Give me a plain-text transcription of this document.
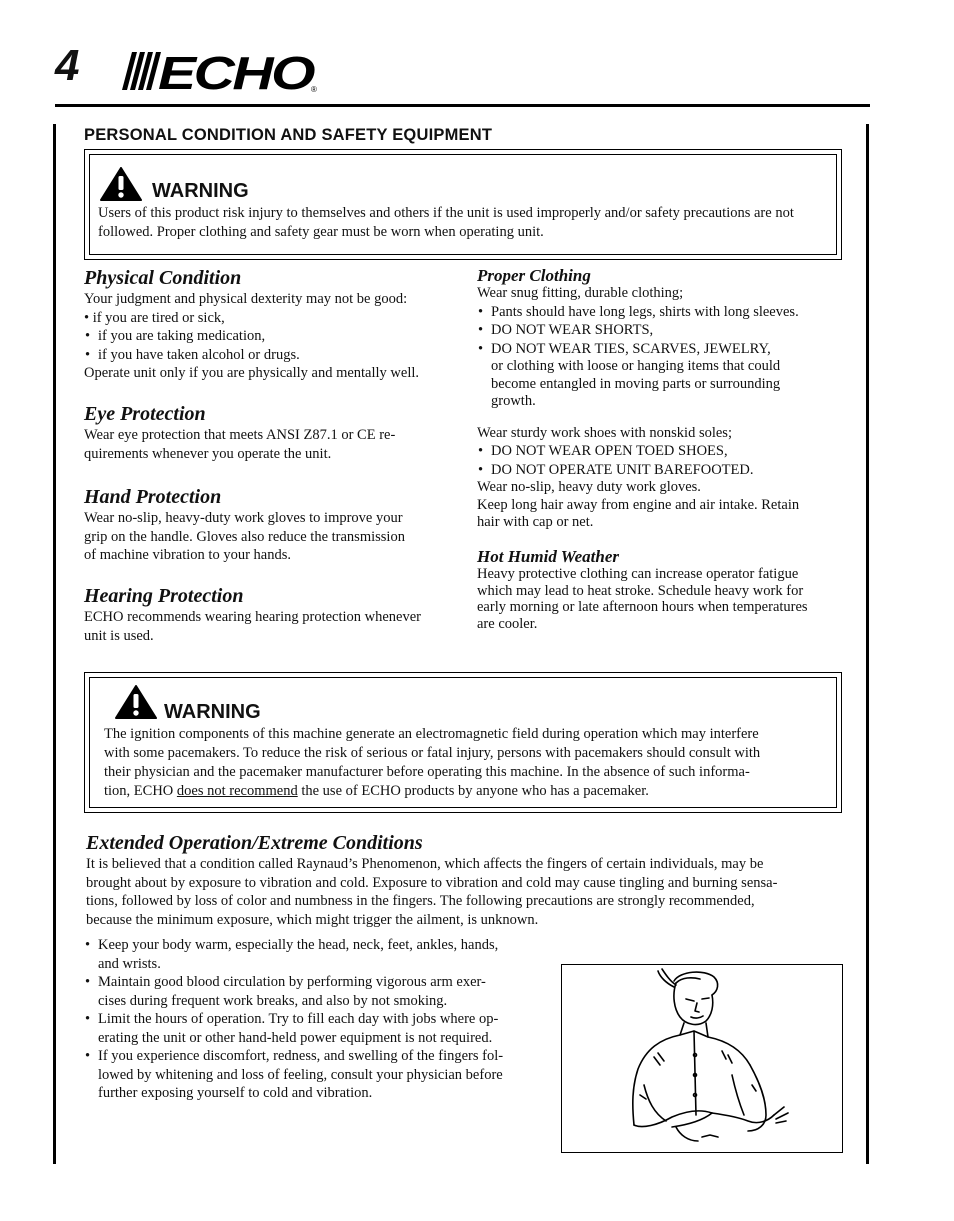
4 ECHO
®
PERSONAL CONDITION AND SAFETY EQUIPMENT
WARNING
Users of this product risk injury to themselves and others if the unit is used improperly and/or safety precautions are not followed. Proper clothing and safety gear must be worn when operating unit.
Physical Condition

Your judgment and physical dexterity may not be good:

• if you are tired or sick,

• if you are taking medication,
• if you have taken alcohol or drugs.

Operate unit only if you are physically and mentally well.

Eye Protection

Wear eye protection that meets ANSI Z87.1 or CE re-

quirements whenever you operate the unit.

Hand Protection

Wear no-slip, heavy-duty work gloves to improve your

grip on the handle. Gloves also reduce the transmission

of machine vibration to your hands.

Hearing Protection

ECHO recommends wearing hearing protection whenever

unit is used.

Proper Clothing

Wear snug fitting, durable clothing;

• Pants should have long legs, shirts with long sleeves.
• DO NOT WEAR SHORTS,
• DO NOT WEAR TIES, SCARVES, JEWELRY,

or clothing with loose or hanging items that could

become entangled in moving parts or surrounding

growth.

Wear sturdy work shoes with nonskid soles;

• DO NOT WEAR OPEN TOED SHOES,
• DO NOT OPERATE UNIT BAREFOOTED.

Wear no-slip, heavy duty work gloves.

Keep long hair away from engine and air intake. Retain

hair with cap or net.

Hot Humid Weather

Heavy protective clothing can increase operator fatigue

which may lead to heat stroke. Schedule heavy work for

early morning or late afternoon hours when temperatures

are cooler.

WARNING
The ignition components of this machine generate an electromagnetic field during operation which may interfere
with some pacemakers. To reduce the risk of serious or fatal injury, persons with pacemakers should consult with
their physician and the pacemaker manufacturer before operating this machine. In the absence of such informa-
tion, ECHO does not recommend the use of ECHO products by anyone who has a pacemaker.
Extended Operation/Extreme Conditions

It is believed that a condition called Raynaud’s Phenomenon, which affects the fingers of certain individuals, may be

brought about by exposure to vibration and cold. Exposure to vibration and cold may cause tingling and burning sensa-

tions, followed by loss of color and numbness in the fingers. The following precautions are strongly recommended,

because the minimum exposure, which might trigger the ailment, is unknown.

• Keep your body warm, especially the head, neck, feet, ankles, hands,
and wrists.
• Maintain good blood circulation by performing vigorous arm exer-
cises during frequent work breaks, and also by not smoking.
• Limit the hours of operation. Try to fill each day with jobs where op-
erating the unit or other hand-held power equipment is not required.
• If you experience discomfort, redness, and swelling of the fingers fol-
lowed by whitening and loss of feeling, consult your physician before
further exposing yourself to cold and vibration.
